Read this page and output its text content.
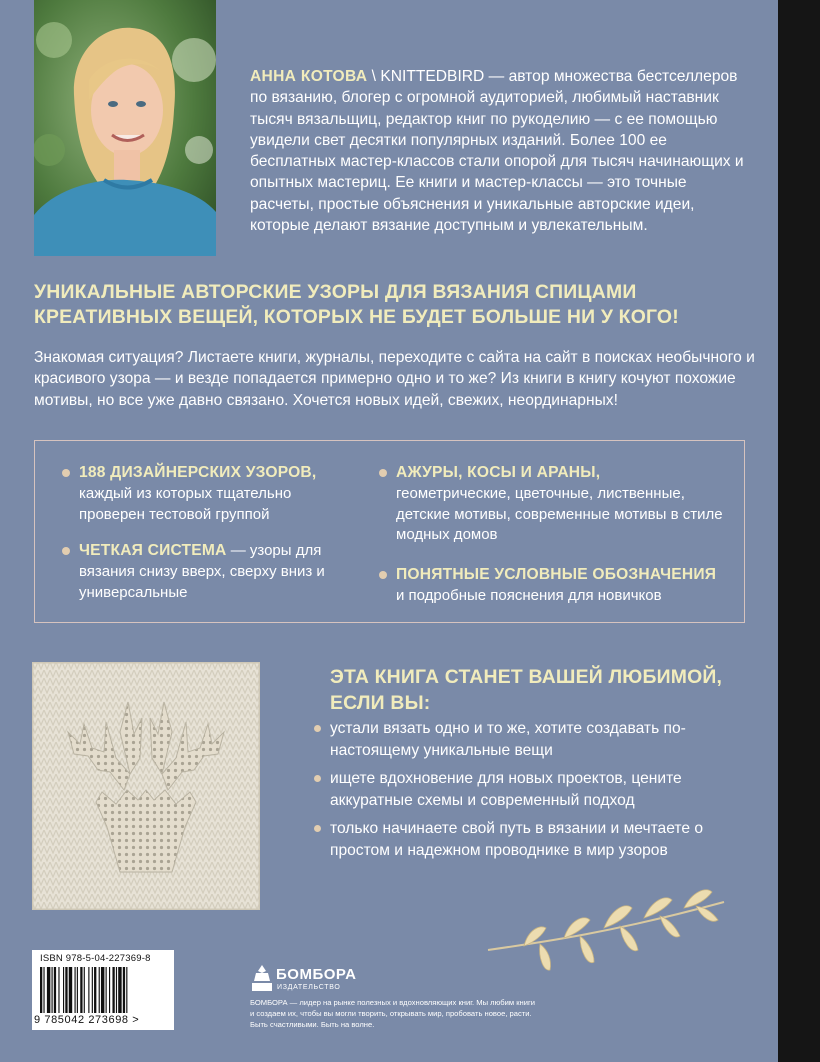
АННА КОТОВА \ KNITTEDBIRD — автор множества бестселлеров по вязанию, блогер с огромной аудиторией, любимый наставник тысяч вязальщиц, редактор книг по рукоделию — с ее помощью увидели свет десятки популярных изданий. Более 100 ее бесплатных мастер-классов стали опорой для тысяч начинающих и опытных мастериц. Ее книги и мастер-классы — это точные расчеты, простые объяснения и уникальные авторские идеи, которые делают вязание доступным и увлекательным.
УНИКАЛЬНЫЕ АВТОРСКИЕ УЗОРЫ ДЛЯ ВЯЗАНИЯ СПИЦАМИ КРЕАТИВНЫХ ВЕЩЕЙ, КОТОРЫХ НЕ БУДЕТ БОЛЬШЕ НИ У КОГО!
Знакомая ситуация? Листаете книги, журналы, переходите с сайта на сайт в поисках необычного и красивого узора — и везде попадается примерно одно и то же? Из книги в книгу кочуют похожие мотивы, но все уже давно связано. Хочется новых идей, свежих, неординарных!
188 ДИЗАЙНЕРСКИХ УЗОРОВ,
каждый из которых тщательно проверен тестовой группой
ЧЕТКАЯ СИСТЕМА — узоры для вязания снизу вверх, сверху вниз и универсальные
АЖУРЫ, КОСЫ И АРАНЫ,
геометрические, цветочные, лиственные, детские мотивы, современные мотивы в стиле модных домов
ПОНЯТНЫЕ УСЛОВНЫЕ ОБОЗНАЧЕНИЯ
и подробные пояснения для новичков
ЭТА КНИГА СТАНЕТ ВАШЕЙ ЛЮБИМОЙ, ЕСЛИ ВЫ:
устали вязать одно и то же, хотите создавать по-настоящему уникальные вещи
ищете вдохновение для новых проектов, цените аккуратные схемы и современный подход
только начинаете свой путь в вязании и мечтаете о простом и надежном проводнике в мир узоров
ISBN 978-5-04-227369-8
9 785042 273698 >
БОМБОРА
ИЗДАТЕЛЬСТВО
БОМБОРА — лидер на рынке полезных и вдохновляющих книг. Мы любим книги и создаем их, чтобы вы могли творить, открывать мир, пробовать новое, расти. Быть счастливыми. Быть на волне.
